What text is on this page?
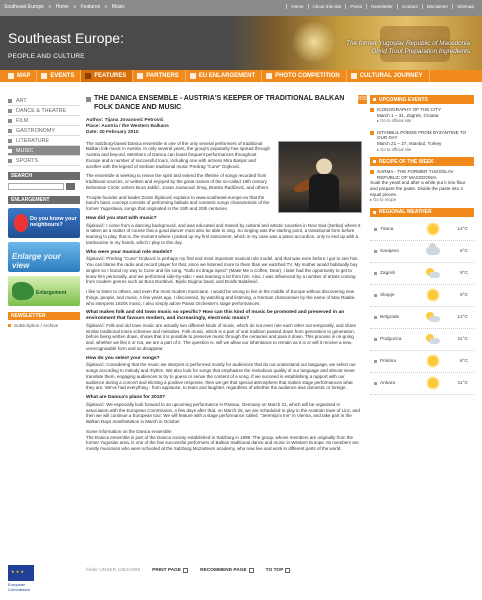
Southeast Europe » Home » Features » Music	Home	About this site	Press	Newsletter	Contact	Disclaimer	Sitemap
Southeast Europe:
PEOPLE AND CULTURE
The former Yugoslav Republic of Macedonia
Ohrid Trout Preparation Ingredients
MAP	EVENTS	FEATURES	PARTNERS	EU ENLARGEMENT	PHOTO COMPETITION	CULTURAL JOURNEY
ART
DANCE & THEATRE
FILM
GASTRONOMY
LITERATURE
MUSIC
SPORTS
SEARCH
ENLARGEMENT
Do you know your neighbours?
Enlarge your view
Enlargement
NEWSLETTER
Subscription / Archive
THE DANICA ENSEMBLE - AUSTRIA'S KEEPER OF TRADITIONAL BALKAN FOLK DANCE AND MUSIC
Author: Tijana Jovanović Petrović
Place: Austria / the Western Balkans
Date: 20 February 2010

The Salzburg-based Danica ensemble is one of the only several performers of traditional Balkan folk music in Austria. In only several years, the group's popularity has spread through Austria and beyond. Members of Danica can boast frequent performances throughout Europe and a number of successful tours, including one with actress Mira Banjac and another with the legend of Serbian traditional music Predrag "Cune" Gojković.

The ensemble is seeking to revive the spirit and extend the lifetime of songs recorded from traditional sources, or written and enjoyed by the great names of the so-called 19th century Bohemian Circle: writers Đura Jakšić, Jovan Jovanović Zmaj, Branko Radičević, and others.

Trouple founder and leader Zoran Šijaković explains to www.southeast-europe.eu that the band's basic concept consists of performing ballads and romantic songs characteristic of the former Yugoslavia, songs that originated in the 19th and 20th centuries.

How did you start with music?

Šijaković: I come from a dancing background, and was educated and trained by cultural and artistic societies in Novi Sad (Serbia) where it is taken as a matter of course that a good dancer must also be able to sing. So singing was the starting point, a transitional form before learning to play, that is, the moment where I picked up my first instrument, which in my case was a piano accordion, only to end up with a tambourine in my hands, which I play to this day.

Who were your musical role models?

Šijaković: Predrag "Cune" Gojković is perhaps my first and most important musical role model, and that was even before I got to see him. You can blame the radio and record player for that, since we listened more to them than we watched TV. My mother would habitually buy singles so I found my way to Cune and his song, "Kafu mi draga ispeci" (Make Me a Coffee, Dear). I later had the opportunity to get to know him personally, and we performed side-by-side; I was learning a lot from him. Also, I was influenced by a number of artists coming from modern genres such as Bora Đorđević, Bijelo Dugme band, and Đorđe Balašević.

I like to listen to others, and even the most modern musicians. I would be wrong to live in the middle of Europe without discovering new things, people, and music. A few years ago, I discovered, by watching and listening, a German chansonnier by the name of Max Raabe, who interprets 1920s music. I also simply adore Paisst Orchester's stage performances.

What makes folk and old town music so specific? How can this kind of music be promoted and preserved in an environment that favours modern, and increasingly, electronic music?

Šijaković: Folk and old town music are actually two different kinds of music, which do not even rule each other out temporally, and share similar traditional tones schemes and melodies. Folk music, which is a part of oral tradition passed down from generation to generation, before being written down, shows that it is possible to preserve music through the centuries and pass it down. This process is on-going and, whether we like it or not, we are a part of it. The question is, will we allow our inheritance to remain as it is or will it receive a new, unrecognisable form and so disappear.

How do you select your songs?

Šijaković: Considering that the music we interpret is performed mostly for audiences that do not understand our language, we select our songs according to melody and rhythm. We also look for songs that emphasise the melodious quality of our language and almost never translate them, engaging audiences to try to guess or sense the content of a song. If we succeed in establishing a rapport with our audience during a concert and eliciting a positive response, then we get that special atmosphere that makes stage performances what they are. We've had everything - from applause, to tears and laughter, regardless of whether the audience was domestic or foreign.

What are Danica's plans for 2010?

Šijaković: We especially look forward to an upcoming performance in Passau, Germany on March 21, which will be organised in association with the European Commission. A few days after that, on March 25, we are scheduled to play in the Austrian town of Linz, and then we will continue a European tour. We will feature with a stage performance called, "Jeremija's Inn" in Vienna, and take part in the Balkan Days manifestation in March in October.

Some information on the Danica ensemble:

The Danica ensemble is part of the Danica society established in Salzburg in 1999. The group, whose members are originally from the former Yugoslav area, is one of the few successful performers of Balkan traditional dance and music in Western Europe. Its members are mostly musicians who were schooled at the Salzburg Mozarteum academy, who now live and work in different parts of the world.

★ ★ ★
European Commission
folder UNSER 1284/1999	PRINT PAGE	RECOMMEND PAGE	TO TOP
RSS UPCOMING EVENTS
ICONOGRAPHY OF THE CITY
March 1 – 31, Zagreb, Croatia
▸ Go to official site
ISTANBUL POEMS FROM BYZANTINE TO OUR DAY
March 21 – 27, Istanbul, Turkey
▸ Go to official site
RECIPE OF THE WEEK
SARMA - THE FORMER YUGOSLAV REPUBLIC OF MACEDONIA
Soak the yeast and after a while put it into flour and prepare the paste. Divide the paste into 4 equal pieces.
▸ Go to recipe
REGIONAL WEATHER
Tirana	14°C
Sarajevo	6°C
Zagreb	9°C
Skopje	9°C
Belgrade	12°C
Podgorica	11°C
Pristina	6°C
Ankara	11°C
